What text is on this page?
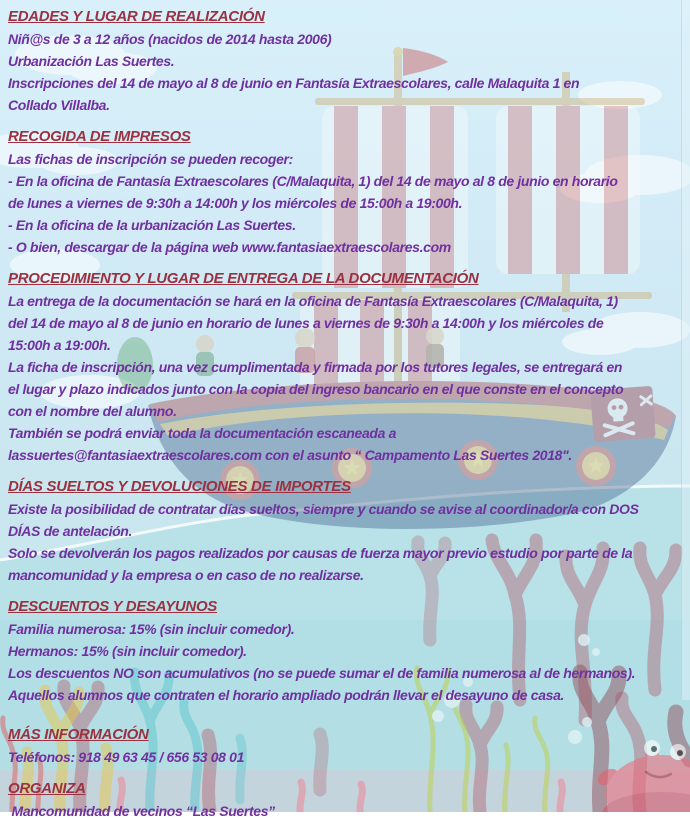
EDADES Y LUGAR DE REALIZACIÓN
Niñ@s de 3 a 12 años (nacidos de 2014 hasta 2006)
Urbanización Las Suertes.
Inscripciones del 14 de mayo al 8 de junio en Fantasía Extraescolares, calle Malaquita 1 en
Collado Villalba.
RECOGIDA DE IMPRESOS
Las fichas de inscripción se pueden recoger:
- En la oficina de Fantasía Extraescolares (C/Malaquita, 1) del 14 de mayo al 8 de junio en horario
de lunes a viernes de 9:30h a 14:00h y los miércoles de 15:00h a 19:00h.
- En la oficina de la urbanización Las Suertes.
- O bien, descargar de la página web www.fantasiaextraescolares.com
PROCEDIMIENTO Y LUGAR DE ENTREGA DE LA DOCUMENTACIÓN
La entrega de la documentación se hará en la oficina de Fantasía Extraescolares (C/Malaquita, 1)
del 14 de mayo al 8 de junio en horario de lunes a viernes de 9:30h a 14:00h y los miércoles de
15:00h a 19:00h.
La ficha de inscripción, una vez cumplimentada y firmada por los tutores legales, se entregará en
el lugar y plazo indicados junto con la copia del ingreso bancario en el que conste en el concepto
con el nombre del alumno.
También se podrá enviar toda la documentación escaneada a
lassuertes@fantasiaextraescolares.com con el asunto “ Campamento Las Suertes 2018".
DÍAS SUELTOS Y DEVOLUCIONES DE IMPORTES
Existe la posibilidad de contratar días sueltos, siempre y cuando se avise al coordinador/a con DOS
DÍAS de antelación.
Solo se devolverán los pagos realizados por causas de fuerza mayor previo estudio por parte de la
mancomunidad y la empresa o en caso de no realizarse.
DESCUENTOS Y DESAYUNOS
Familia numerosa: 15% (sin incluir comedor).
Hermanos: 15% (sin incluir comedor).
Los descuentos NO son acumulativos (no se puede sumar el de familia numerosa al de hermanos).
Aquellos alumnos que contraten el horario ampliado podrán llevar el desayuno de casa.
MÁS INFORMACIÓN
Teléfonos: 918 49 63 45 / 656 53 08 01
ORGANIZA
Mancomunidad de vecinos “Las Suertes”
